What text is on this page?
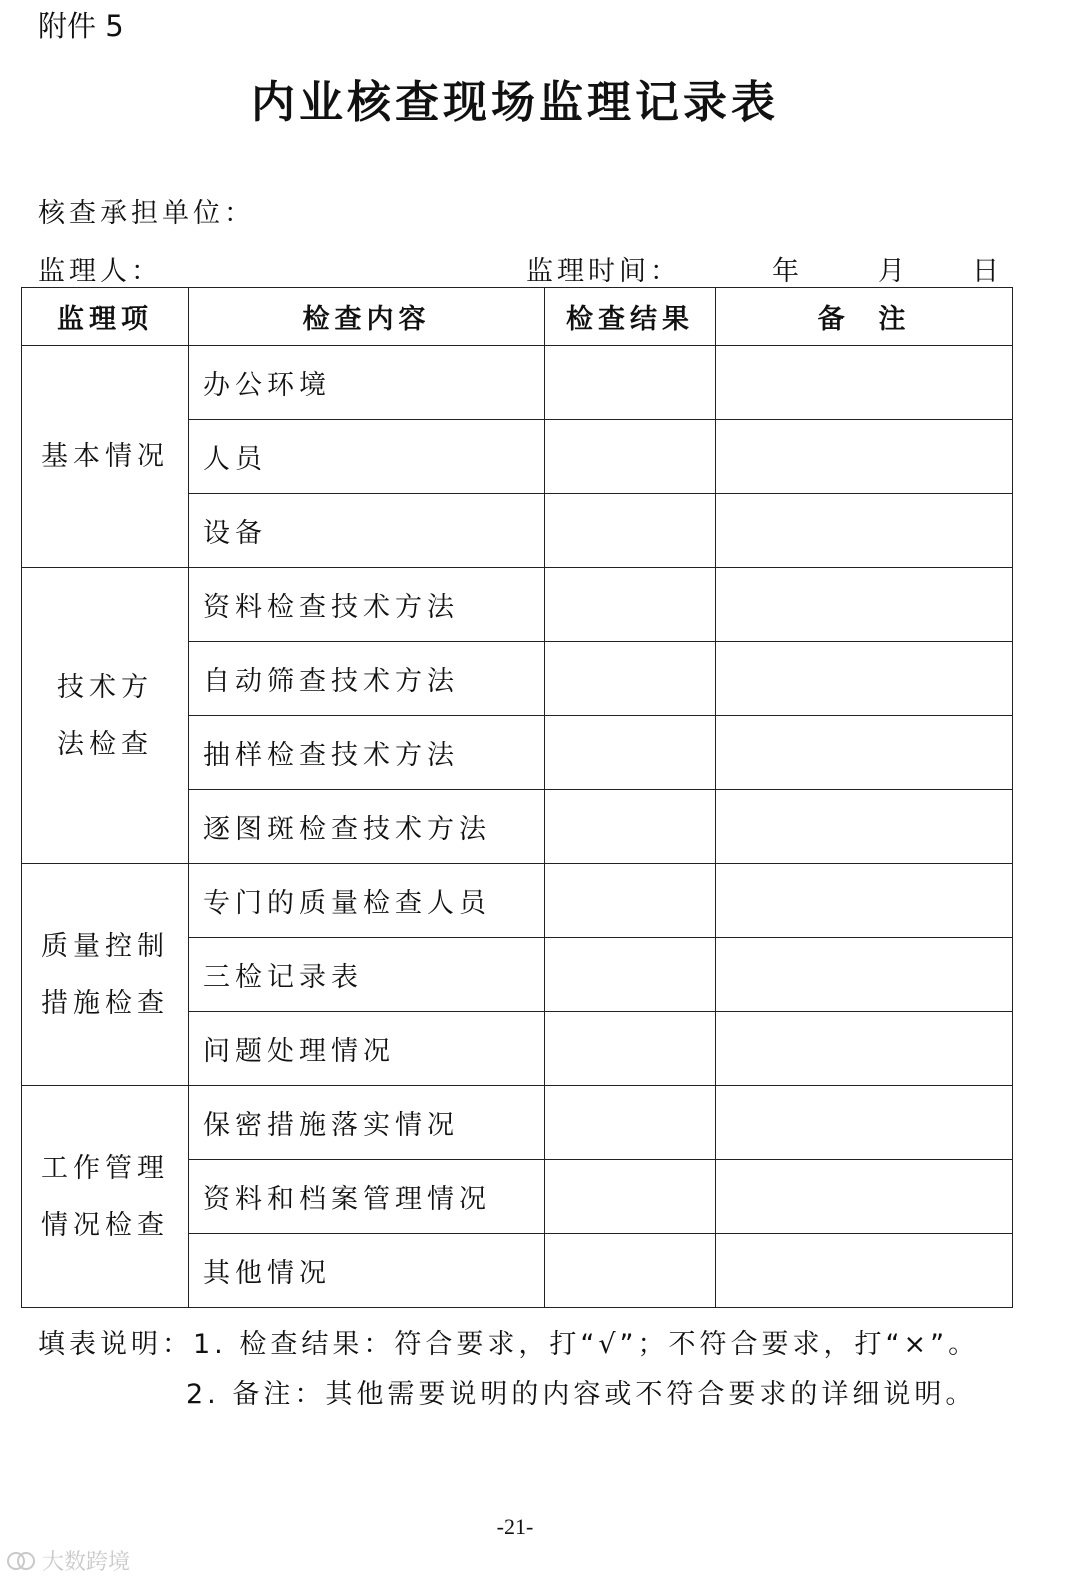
附件 5
内业核查现场监理记录表
核查承担单位：
监理人：	监理时间：	年	月 日
监理项	检查内容	检查结果	备  注

基本情况	办公环境		
	人员		
	设备		

技术方
法检查	资料检查技术方法		
	自动筛查技术方法		
	抽样检查技术方法		
	逐图斑检查技术方法		

质量控制
措施检查	专门的质量检查人员		
	三检记录表		
	问题处理情况		

工作管理
情况检查	保密措施落实情况		
	资料和档案管理情况		
	其他情况		
填表说明：1. 检查结果：符合要求，打“√”；不符合要求，打“×”。
2. 备注：其他需要说明的内容或不符合要求的详细说明。
-21-
大数跨境
